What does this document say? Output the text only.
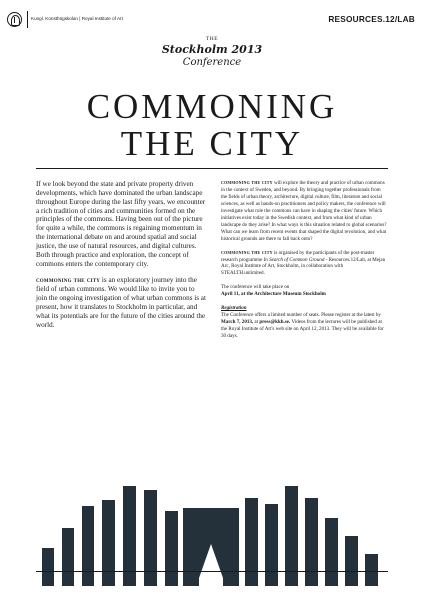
Kungl. Konsthögskolan | Royal Institute of Art	RESOURCES.12/LAB
THE
Stockholm 2013
Conference
COMMONING
THE CITY

If we look beyond the state and private property driven developments, which have dominated the urban landscape throughout Europe during the last fifty years, we encounter a rich tradition of cities and communities formed on the principles of the commons. Having been out of the picture for quite a while, the commons is regaining momentum in the international debate on and around spatial and social justice, the use of natural resources, and digital cultures. Both through practice and exploration, the concept of commons enters the contemporary city.

commoning the city is an exploratory journey into the field of urban commons. We would like to invite you to join the ongoing investigation of what urban commons is at present, how it translates to Stockholm in particular, and what its potentials are for the future of the cities around the world.

commoning the city will explore the theory and practice of urban commons in the context of Sweden, and beyond. By bringing together professionals from the fields of urban theory, architecture, digital culture, film, literature and social sciences, as well as hands-on practitioners and policy makers, the conference will investigate what role the commons can have in shaping the cities' future. Which initiatives exist today in the Swedish context, and from what kind of urban landscape do they arise? In what ways is this situation related to global scenarios? What can we learn from recent events that shaped the digital revolution, and what historical grounds are there to fall back onto?

commoning the city is organised by the participants of the post-master research programme In Search of Common Ground - Resources.12/Lab, at Mejan Arc, Royal Institute of Art, Stockholm, in collaboration with STEALTH.unlimited.

The conference will take place on
April 11, at the Architecture Museum Stockholm

Registration
The Conference offers a limited number of seats. Please register at the latest by March 7, 2013, at press@kkh.se. Videos from the lectures will be published at the Royal Institute of Art's web site on April 12, 2013. They will be available for 30 days.
